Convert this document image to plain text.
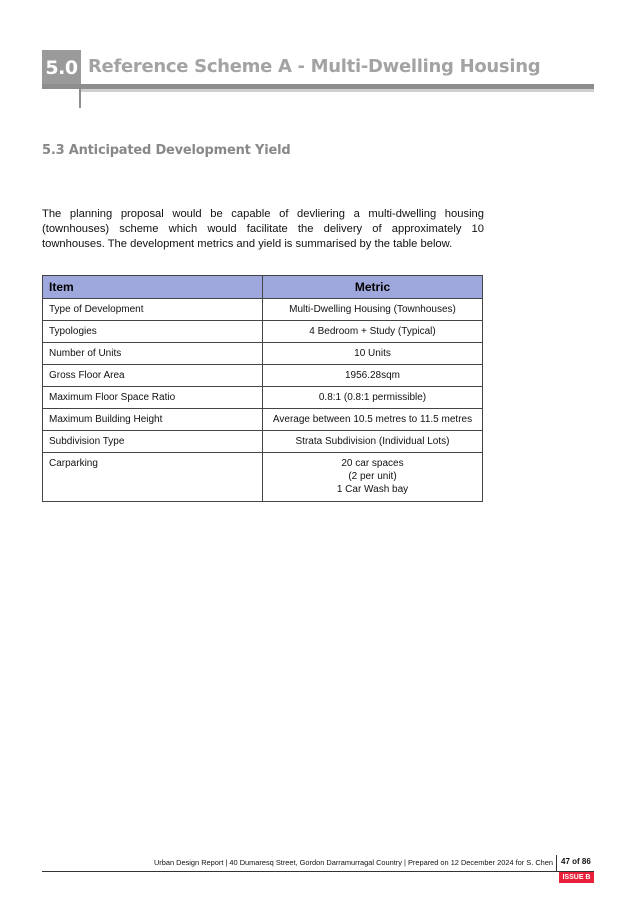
5.0 Reference Scheme A - Multi-Dwelling Housing
5.3 Anticipated Development Yield
The planning proposal would be capable of devliering a multi-dwelling housing (townhouses) scheme which would facilitate the delivery of approximately 10 townhouses. The development metrics and yield is summarised by the table below.
Item	Metric
Type of Development	Multi-Dwelling Housing (Townhouses)
Typologies	4 Bedroom + Study (Typical)
Number of Units	10 Units
Gross Floor Area	1956.28sqm
Maximum Floor Space Ratio	0.8:1 (0.8:1 permissible)
Maximum Building Height	Average between 10.5 metres to 11.5 metres
Subdivision Type	Strata Subdivision (Individual Lots)
Carparking	20 car spaces
(2 per unit)
1 Car Wash bay
Urban Design Report | 40 Dumaresq Street, Gordon Darramurragal Country | Prepared on 12 December 2024 for S. Chen 47 of 86
ISSUE B
